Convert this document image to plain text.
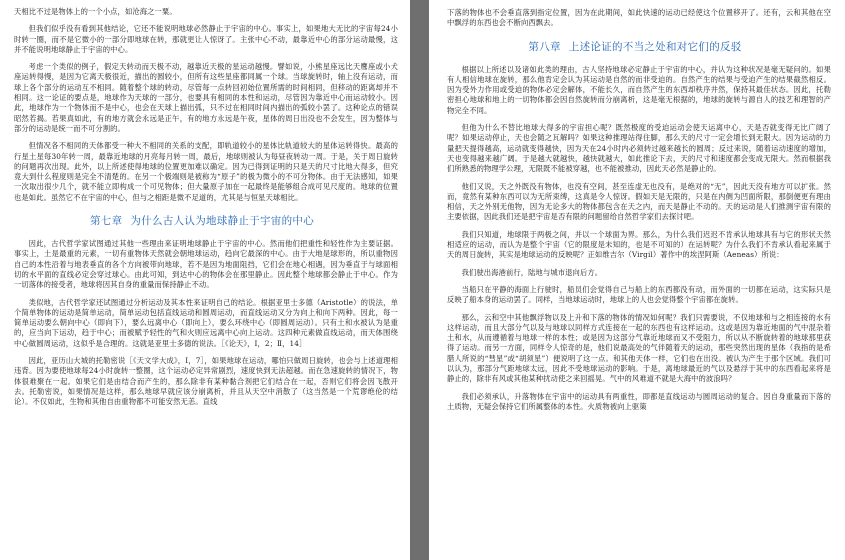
天相比不过是物体上的一个小点，如沧海之一粟。

但我们似乎没有看到其他结论，它还不能说明地球必然静止于宇宙的中心。事实上，如果地大无比的宇宙每24小时转一圈，而不是它微小的一部分即地球在转，那就更让人惊讶了。主张中心不动，最靠近中心的部分运动最慢，这并不能说明地球静止于宇宙的中心。

考虑一个类似的例子，假定天转动而天极不动，越靠近天极的星运动越慢。譬如说，小熊星座远比天鹰座或小犬座运转得慢，是因为它离天极很近，描出的圆较小，但所有这些星座都同属一个球。当球旋转时，轴上没有运动，而球上各个部分的运动互不相同。随着整个球的转动，尽管每一点转回初始位置所需的时间相同，但移动的距离却并不相同。这一论证的要点是，地球作为天球的一部分，也要具有相同的本性和运动，尽管因为靠近中心而运动较小。因此，地球作为一个物体而不是中心，也会在天球上描出弧，只不过在相同时间内描出的弧较小罢了。这种论点的错误昭然若揭。若果真如此，有的地方就会永远是正午，有的地方永远是午夜，星体的周日出没也不会发生，因为整体与部分的运动是统一而不可分割的。

但情况各不相同的天体都受一种大不相同的关系的支配，即轨道较小的星体比轨道较大的星体运转得快。最高的行星土星每30年转一周，最靠近地球的月亮每月转一周，最后，地球则被认为每昼夜转动一周。于是，关于周日旋转的问题再次出现。此外，以上所述使得地球的位置更加难以确定。因为已得到证明的只是天的尺寸比地大得多，但究竟大到什么程度则是完全不清楚的。在另一个极端则是被称为“原子”的极为微小的不可分物体。由于无法感知，如果一次取出很少几个，就不能立即构成一个可见物体；但大量原子加在一起最终是能够组合成可见尺度的。地球的位置也是如此。虽然它不在宇宙的中心，但与之相距是微不足道的，尤其是与恒星天球相比。

第七章 为什么古人认为地球静止于宇宙的中心

因此，古代哲学家试图通过其他一些理由来证明地球静止于宇宙的中心。然而他们把重性和轻性作为主要证据。事实上，土是最重的元素，一切有重物体天然就会朝地球运动，趋向它最深的中心。由于大地是球形的，所以重物因自己的本性沿着与地表垂直的各个方向被带向地球，若不是因为地面阻挡，它们会在地心相遇，因为垂直于与球面相切的水平面的直线必定会穿过球心。由此可知，到达中心的物体会在那里静止。因此整个地球都会静止于中心。作为一切落体的接受者，地球将因其自身的重量而保持静止不动。

类似地，古代哲学家还试图通过分析运动及其本性来证明自己的结论。根据亚里士多德（Aristotle）的说法，单个简单物体的运动是简单运动，简单运动包括直线运动和圆周运动，而直线运动又分为向上和向下两种。因此，每一简单运动要么朝向中心（即向下），要么远离中心（即向上），要么环绕中心（即圆周运动）。只有土和水被认为是重的，应当向下运动，趋于中心；而被赋予轻性的气和火则应远离中心向上运动。这四种元素做直线运动，而天体围绕中心做圆周运动，这似乎是合理的。这就是亚里士多德的说法。［《论天》，Ⅰ，2；Ⅱ，14］

因此，亚历山大城的托勒密说［《天文学大成》，Ⅰ，7］，如果地球在运动，哪怕只做周日旋转，也会与上述道理相违背。因为要使地球每24小时旋转一整圈，这个运动必定异常剧烈，速度快到无法超越。而在急速旋转的情况下，物体很难聚在一起。如果它们是由结合而产生的，那么除非有某种黏合剂把它们结合在一起，否则它们将会因飞散开去。托勒密说，如果情况是这样，那么地球早就应该分崩离析，并且从天空中消散了（这当然是一个荒谬绝伦的结论）。不仅如此，生物和其他自由重物都不可能安然无恙。直线

下落的物体也不会垂直落到指定位置，因为在此期间，如此快速的运动已经使这个位置移开了。还有，云和其他在空中飘浮的东西也会不断向西飘去。

第八章 上述论证的不当之处和对它们的反驳

根据以上所述以及诸如此类的理由，古人坚持地球必定静止于宇宙的中心，并认为这种状况是毫无疑问的。如果有人相信地球在旋转，那么他肯定会认为其运动是自然的而非受迫的。自然产生的结果与受迫产生的结果截然相反。因为受外力作用或受迫的物体必定会解体，不能长久，而自然产生的东西却秩序井然，保持其最佳状态。因此，托勒密担心地球和地上的一切物体都会因自然旋转而分崩离析，这是毫无根据的，地球的旋转与源自人的技艺和理智的产物完全不同。

但他为什么不替比地球大得多的宇宙担心呢？既然极度的受迫运动会使天运离中心，天是否就变得无比广阔了呢？如果运动停止，天也会随之瓦解吗？如果这种推理站得住脚，那么天的尺寸一定会增长到无限大。因为运动的力量把天提得越高，运动就变得越快，因为天在24小时内必须转过越来越长的圆周；反过来说，随着运动速度的增加，天也变得越来越广阔。于是越大就越快，越快就越大，如此推论下去，天的尺寸和速度都会变成无限大。然而根据我们所熟悉的物理学公理，无限既不能被穿越，也不能被推动，因此天必然是静止的。

他们又说，天之外既没有物体，也没有空间，甚至连虚无也没有，是绝对的“无”，因此天没有地方可以扩张。然而，竟然有某种东西可以为无所束缚，这真是令人惊讶。假如天是无限的，只是在内侧为凹面所限，那倒便更有理由相信，天之外别无他物，因为无论多大的物体都包含在天之内，而天是静止不动的。天的运动是人们推测宇宙有限的主要依据，因此我们还是把宇宙是否有限的问题留给自然哲学家们去探讨吧。

我们只知道，地球限于两极之间，并以一个球面为界。那么，为什么我们迟迟不肯承认地球具有与它的形状天然相适应的运动，而认为是整个宇宙（它的限度是未知的，也是不可知的）在运转呢？为什么我们不肯承认看起来属于天的周日旋转，其实是地球运动的反映呢？正如维吉尔（Virgil）著作中的埃涅阿斯（Aeneas）所说：

我们驶出海港前行，陆地与城市退向后方。

当船只在平静的海面上行驶时，船员们会觉得自己与船上的东西都没有动，而外面的一切都在运动，这实际只是反映了船本身的运动罢了。同样，当地球运动时，地球上的人也会觉得整个宇宙都在旋转。

那么，云和空中其他飘浮物以及上升和下落的物体的情况如何呢？我们只需要说，不仅地球和与之相连接的水有这样运动，而且大部分气以及与地球以同样方式连接在一起的东西也有这样运动。这或是因为靠近地面的气中混杂着土和水，从而遵循着与地球一样的本性；或是因为这部分气靠近地球而又不受阻力，所以从不断旋转着的地球那里获得了运动。而另一方面，同样令人惊奇的是，他们说最高处的气伴随着天的运动，那些突然出现的星体（我指的是希腊人所说的“彗星”或“胡须星”）便说明了这一点。和其他天体一样，它们也在出没。被认为产生于那个区域。我们可以认为，那部分气距地球太远，因此不受地球运动的影响。于是，离地球最近的气以及悬浮于其中的东西看起来将是静止的，除非有风或其他某种扰动使之来回摇晃。气中的风难道不就是大海中的波浪吗？

我们必须承认，升落物体在宇宙中的运动具有两重性，即都是直线运动与圆周运动的复合。因自身重量而下落的土质物，无疑会保持它们所属整体的本性。火质物被向上驱策
